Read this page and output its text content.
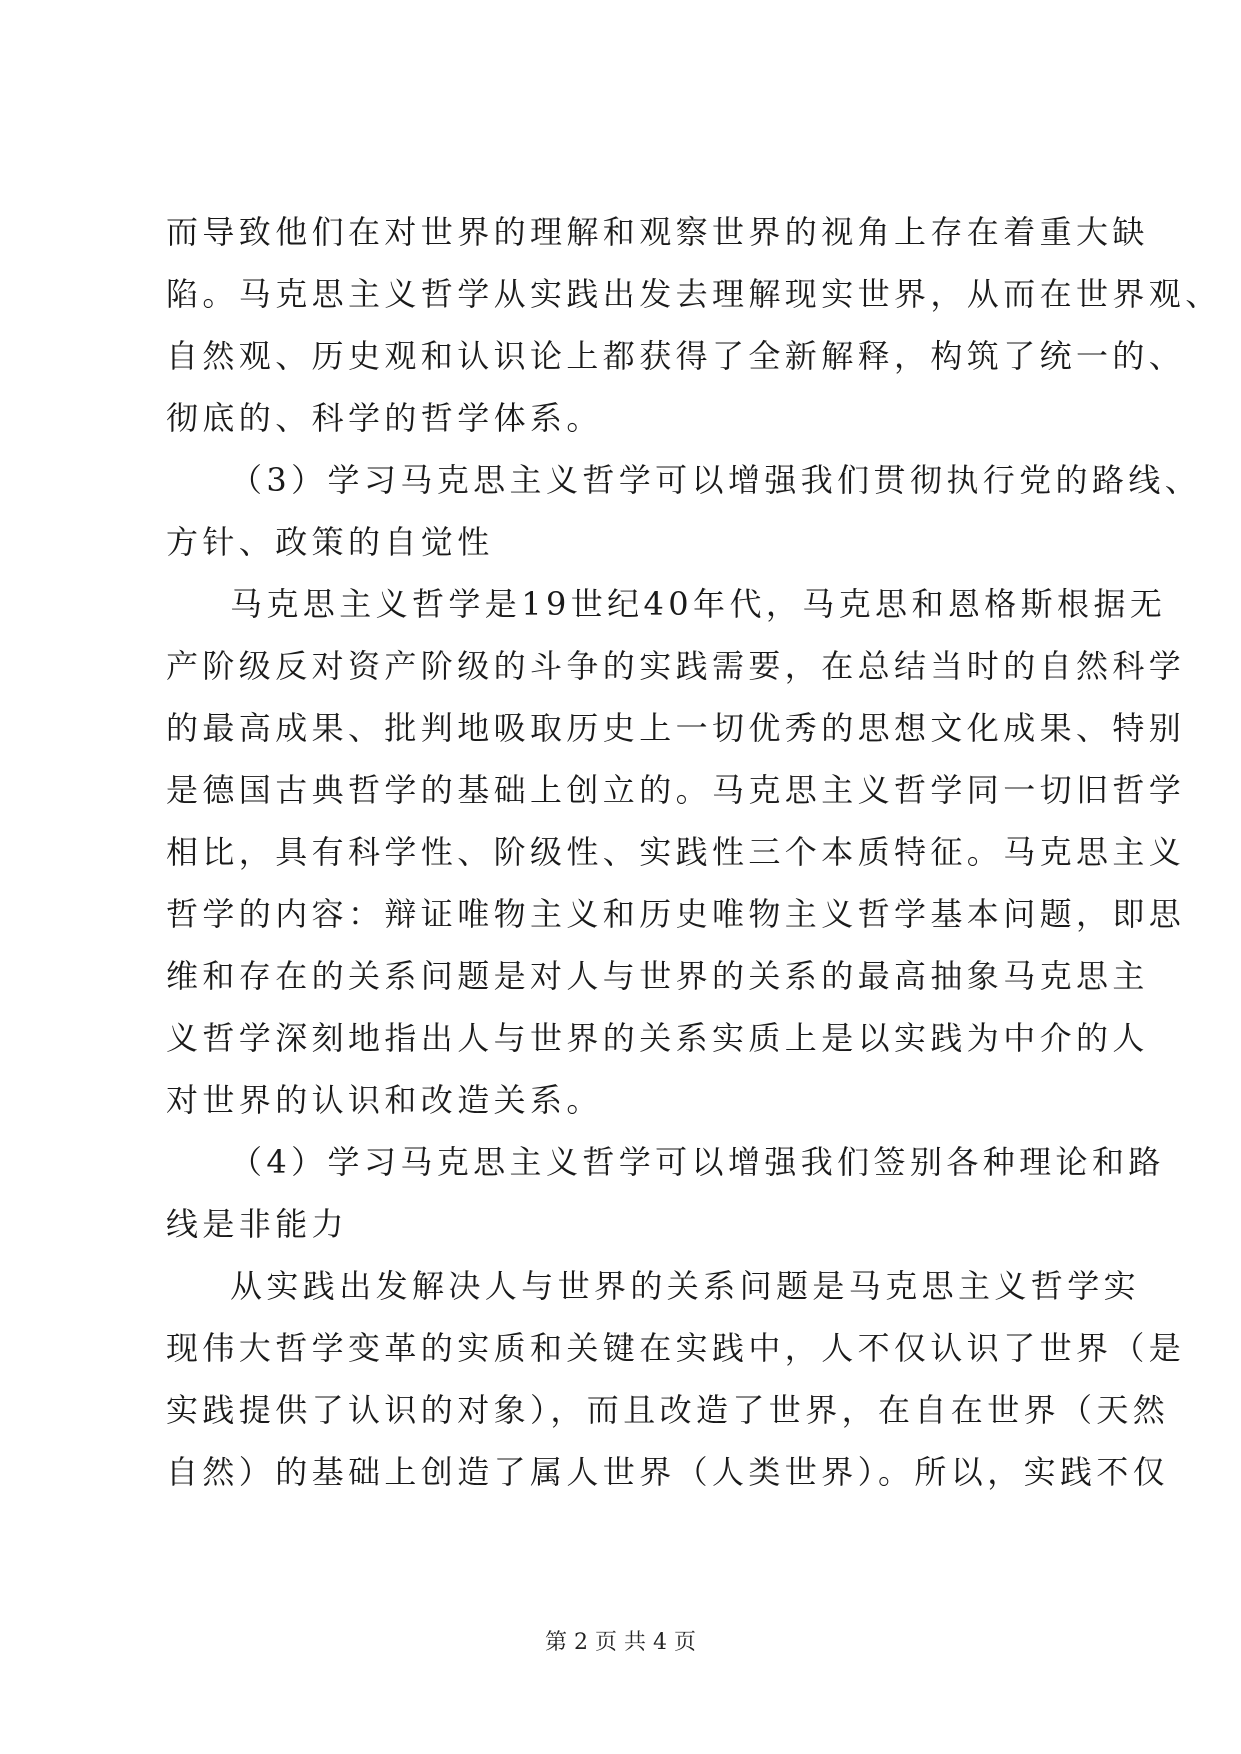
而导致他们在对世界的理解和观察世界的视角上存在着重大缺
陷。马克思主义哲学从实践出发去理解现实世界，从而在世界观、
自然观、历史观和认识论上都获得了全新解释，构筑了统一的、
彻底的、科学的哲学体系。
（3）学习马克思主义哲学可以增强我们贯彻执行党的路线、
方针、政策的自觉性
马克思主义哲学是19世纪40年代，马克思和恩格斯根据无
产阶级反对资产阶级的斗争的实践需要，在总结当时的自然科学
的最高成果、批判地吸取历史上一切优秀的思想文化成果、特别
是德国古典哲学的基础上创立的。马克思主义哲学同一切旧哲学
相比，具有科学性、阶级性、实践性三个本质特征。马克思主义
哲学的内容：辩证唯物主义和历史唯物主义哲学基本问题，即思
维和存在的关系问题是对人与世界的关系的最高抽象马克思主
义哲学深刻地指出人与世界的关系实质上是以实践为中介的人
对世界的认识和改造关系。
（4）学习马克思主义哲学可以增强我们签别各种理论和路
线是非能力
从实践出发解决人与世界的关系问题是马克思主义哲学实
现伟大哲学变革的实质和关键在实践中，人不仅认识了世界（是
实践提供了认识的对象），而且改造了世界，在自在世界（天然
自然）的基础上创造了属人世界（人类世界）。所以，实践不仅
第 2 页 共 4 页
